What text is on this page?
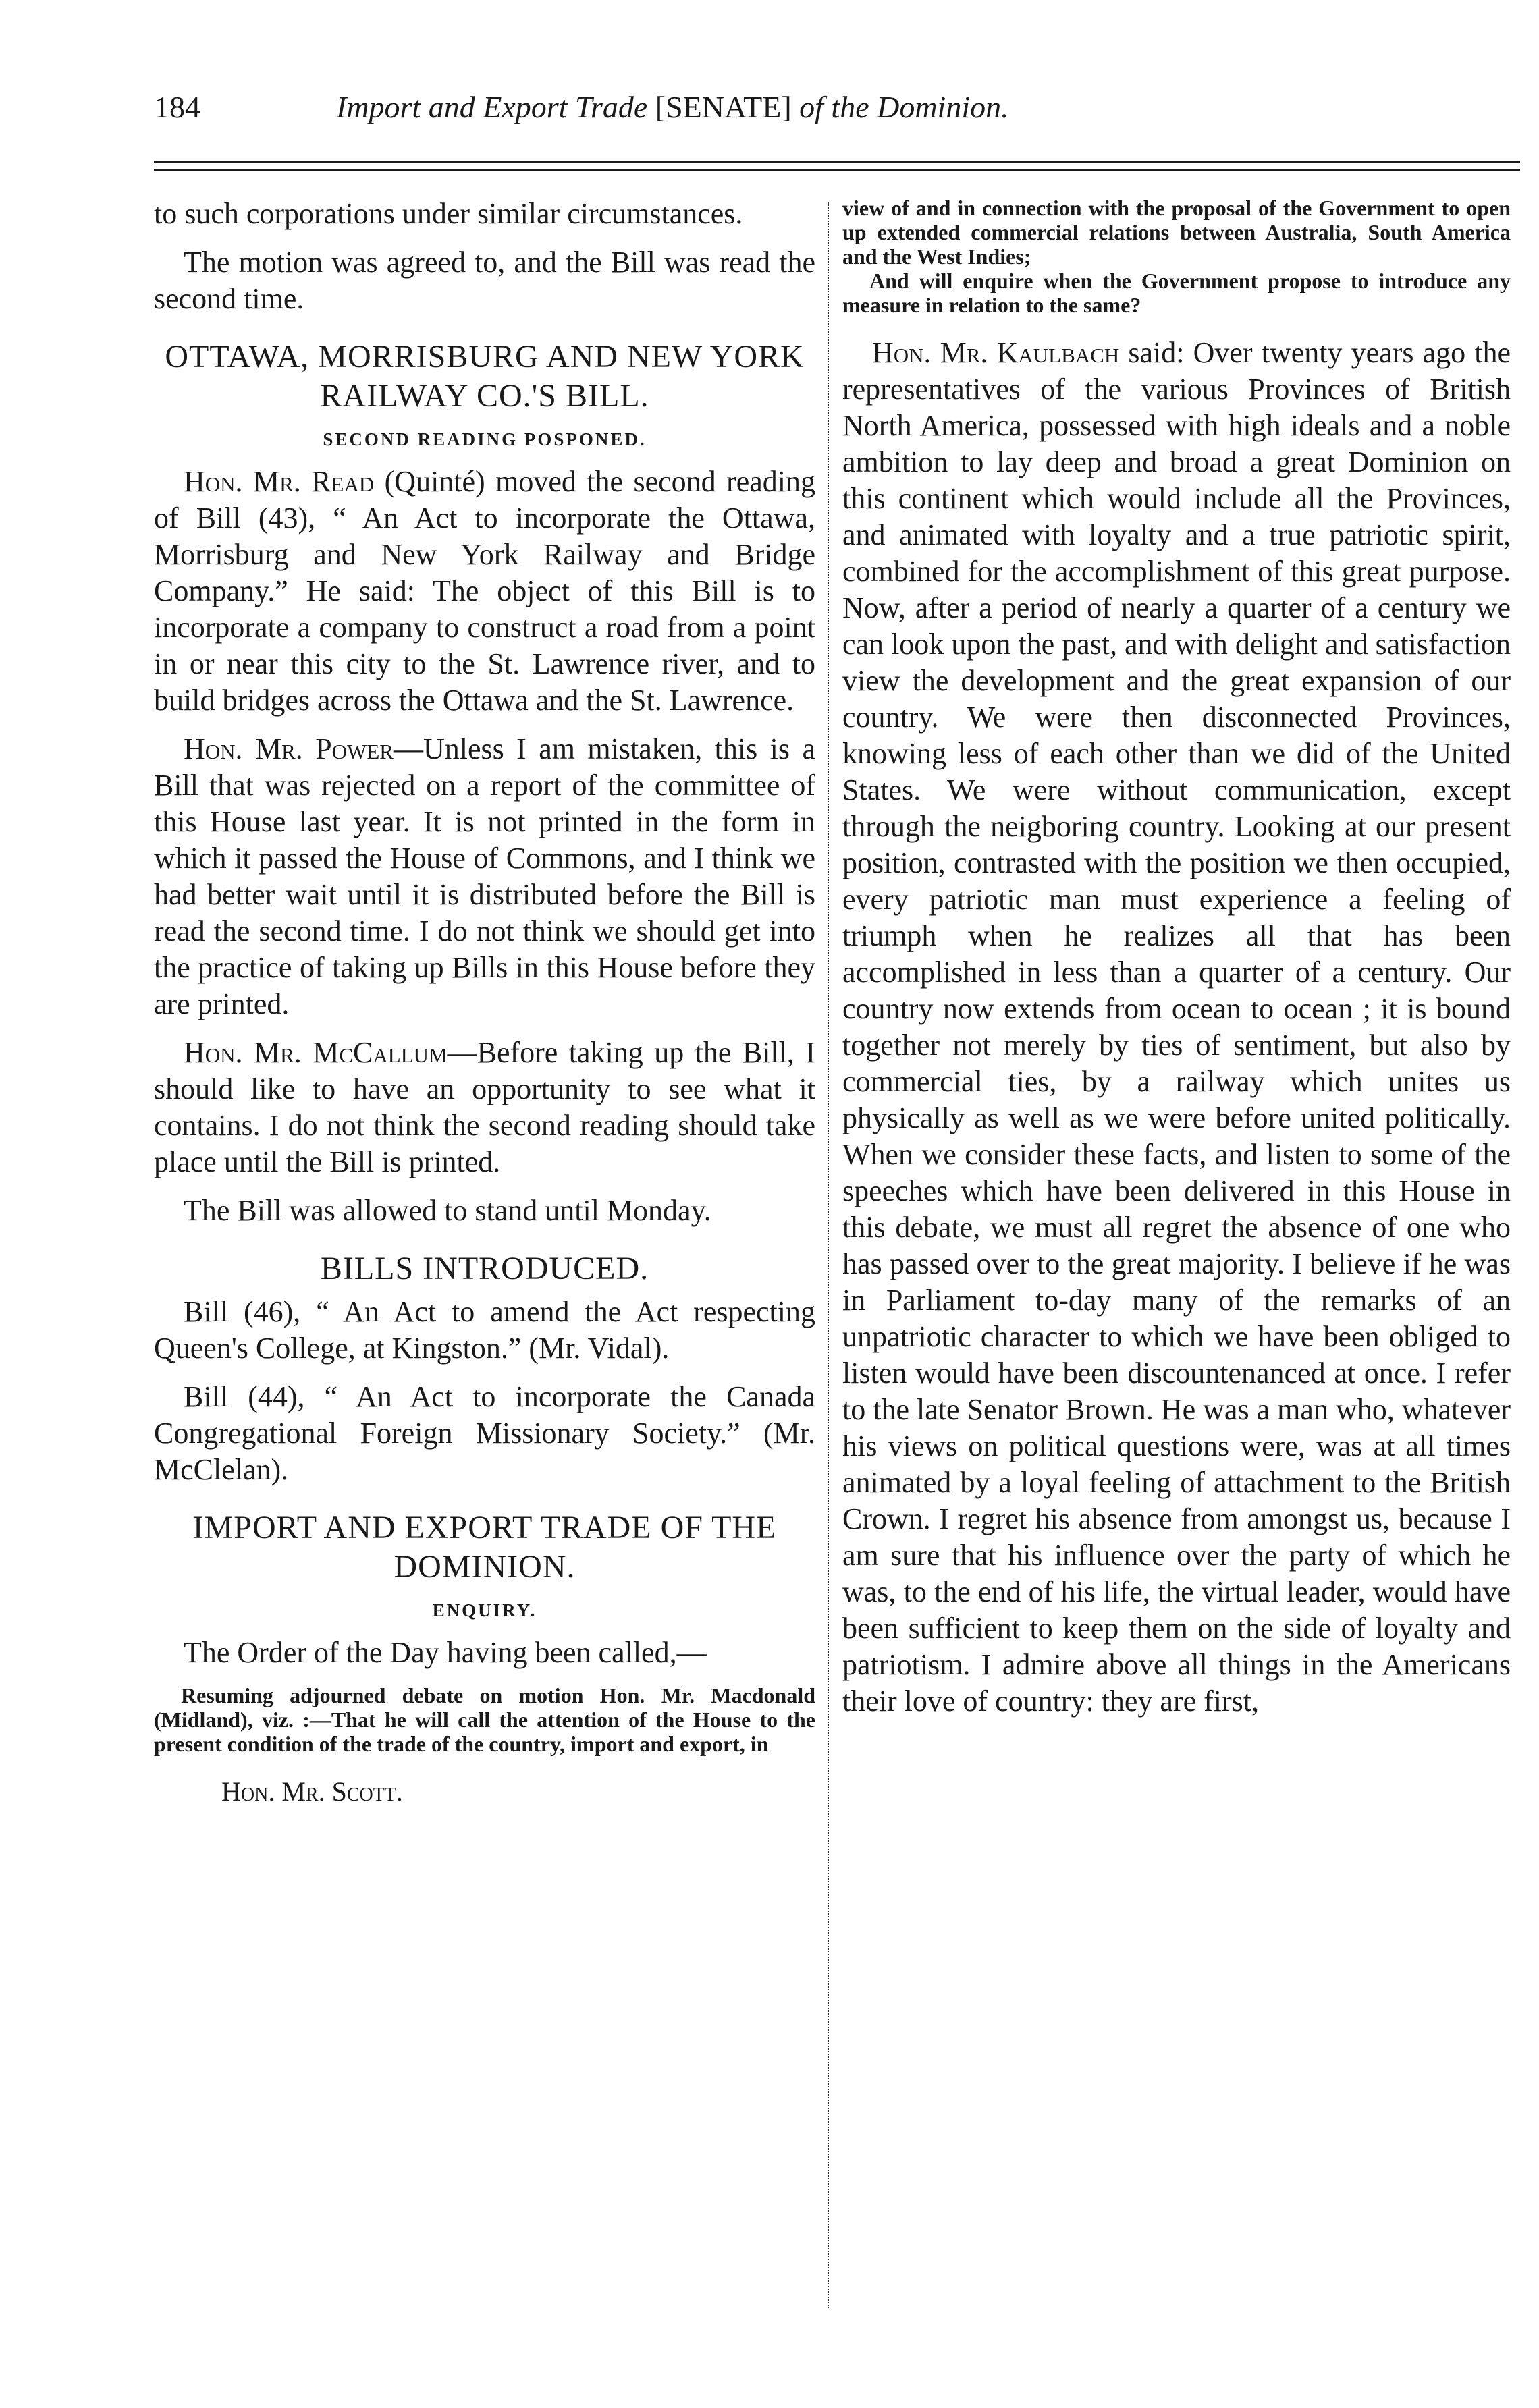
184	Import and Export Trade [SENATE] of the Dominion.

to such corporations under similar circumstances.

The motion was agreed to, and the Bill was read the second time.

OTTAWA, MORRISBURG AND NEW YORK RAILWAY CO.'S BILL.
SECOND READING POSPONED.

Hon. Mr. Read (Quinté) moved the second reading of Bill (43), “ An Act to incorporate the Ottawa, Morrisburg and New York Railway and Bridge Company.” He said: The object of this Bill is to incorporate a company to construct a road from a point in or near this city to the St. Lawrence river, and to build bridges across the Ottawa and the St. Lawrence.

Hon. Mr. Power—Unless I am mistaken, this is a Bill that was rejected on a report of the committee of this House last year. It is not printed in the form in which it passed the House of Commons, and I think we had better wait until it is distributed before the Bill is read the second time. I do not think we should get into the practice of taking up Bills in this House before they are printed.

Hon. Mr. McCallum—Before taking up the Bill, I should like to have an opportunity to see what it contains. I do not think the second reading should take place until the Bill is printed.

The Bill was allowed to stand until Monday.

BILLS INTRODUCED.

Bill (46), “ An Act to amend the Act respecting Queen's College, at Kingston.” (Mr. Vidal).

Bill (44), “ An Act to incorporate the Canada Congregational Foreign Missionary Society.” (Mr. McClelan).

IMPORT AND EXPORT TRADE OF THE DOMINION.
ENQUIRY.

The Order of the Day having been called,—

Resuming adjourned debate on motion Hon. Mr. Macdonald (Midland), viz. :—That he will call the attention of the House to the present condition of the trade of the country, import and export, in

Hon. Mr. Scott.

view of and in connection with the proposal of the Government to open up extended commercial relations between Australia, South America and the West Indies;

And will enquire when the Government propose to introduce any measure in relation to the same?

Hon. Mr. Kaulbach said: Over twenty years ago the representatives of the various Provinces of British North America, possessed with high ideals and a noble ambition to lay deep and broad a great Dominion on this continent which would include all the Provinces, and animated with loyalty and a true patriotic spirit, combined for the accomplishment of this great purpose. Now, after a period of nearly a quarter of a century we can look upon the past, and with delight and satisfaction view the development and the great expansion of our country. We were then disconnected Provinces, knowing less of each other than we did of the United States. We were without communication, except through the neigboring country. Looking at our present position, contrasted with the position we then occupied, every patriotic man must experience a feeling of triumph when he realizes all that has been accomplished in less than a quarter of a century. Our country now extends from ocean to ocean ; it is bound together not merely by ties of sentiment, but also by commercial ties, by a railway which unites us physically as well as we were before united politically. When we consider these facts, and listen to some of the speeches which have been delivered in this House in this debate, we must all regret the absence of one who has passed over to the great majority. I believe if he was in Parliament to-day many of the remarks of an unpatriotic character to which we have been obliged to listen would have been discountenanced at once. I refer to the late Senator Brown. He was a man who, whatever his views on political questions were, was at all times animated by a loyal feeling of attachment to the British Crown. I regret his absence from amongst us, because I am sure that his influence over the party of which he was, to the end of his life, the virtual leader, would have been sufficient to keep them on the side of loyalty and patriotism. I admire above all things in the Americans their love of country: they are first,
